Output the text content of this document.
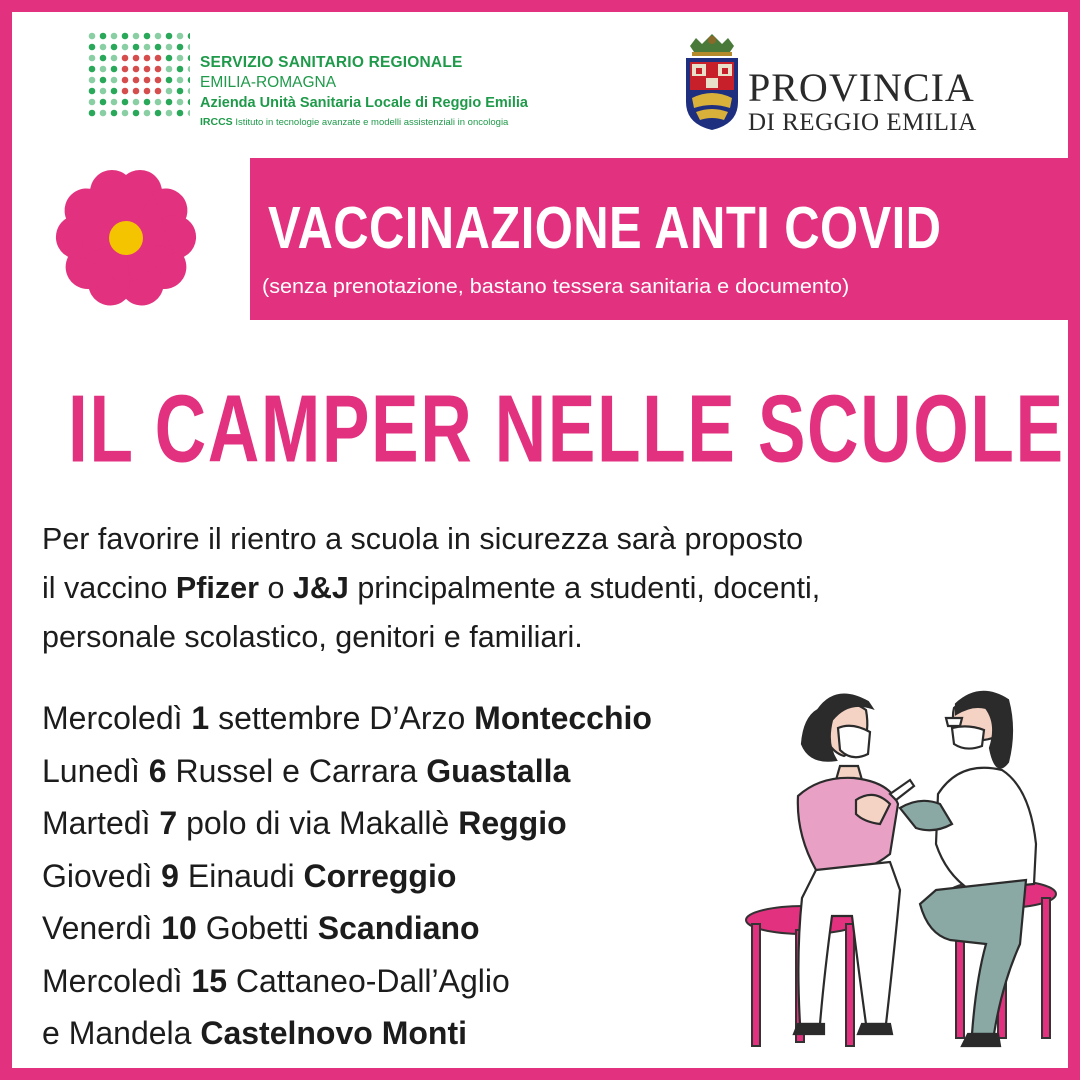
SERVIZIO SANITARIO REGIONALE
EMILIA-ROMAGNA
Azienda Unità Sanitaria Locale di Reggio Emilia
IRCCS Istituto in tecnologie avanzate e modelli assistenziali in oncologia
PROVINCIA
DI REGGIO EMILIA
VACCINAZIONE ANTI COVID
(senza prenotazione, bastano tessera sanitaria e documento)
IL CAMPER NELLE SCUOLE

Per favorire il rientro a scuola in sicurezza sarà proposto

il vaccino Pfizer o J&J principalmente a studenti, docenti,

personale scolastico, genitori e familiari.

Mercoledì 1 settembre D’Arzo Montecchio
Lunedì 6 Russel e Carrara Guastalla
Martedì 7 polo di via Makallè Reggio
Giovedì 9 Einaudi Correggio
Venerdì 10 Gobetti Scandiano
Mercoledì 15 Cattaneo-Dall’Aglio
e Mandela Castelnovo Monti
